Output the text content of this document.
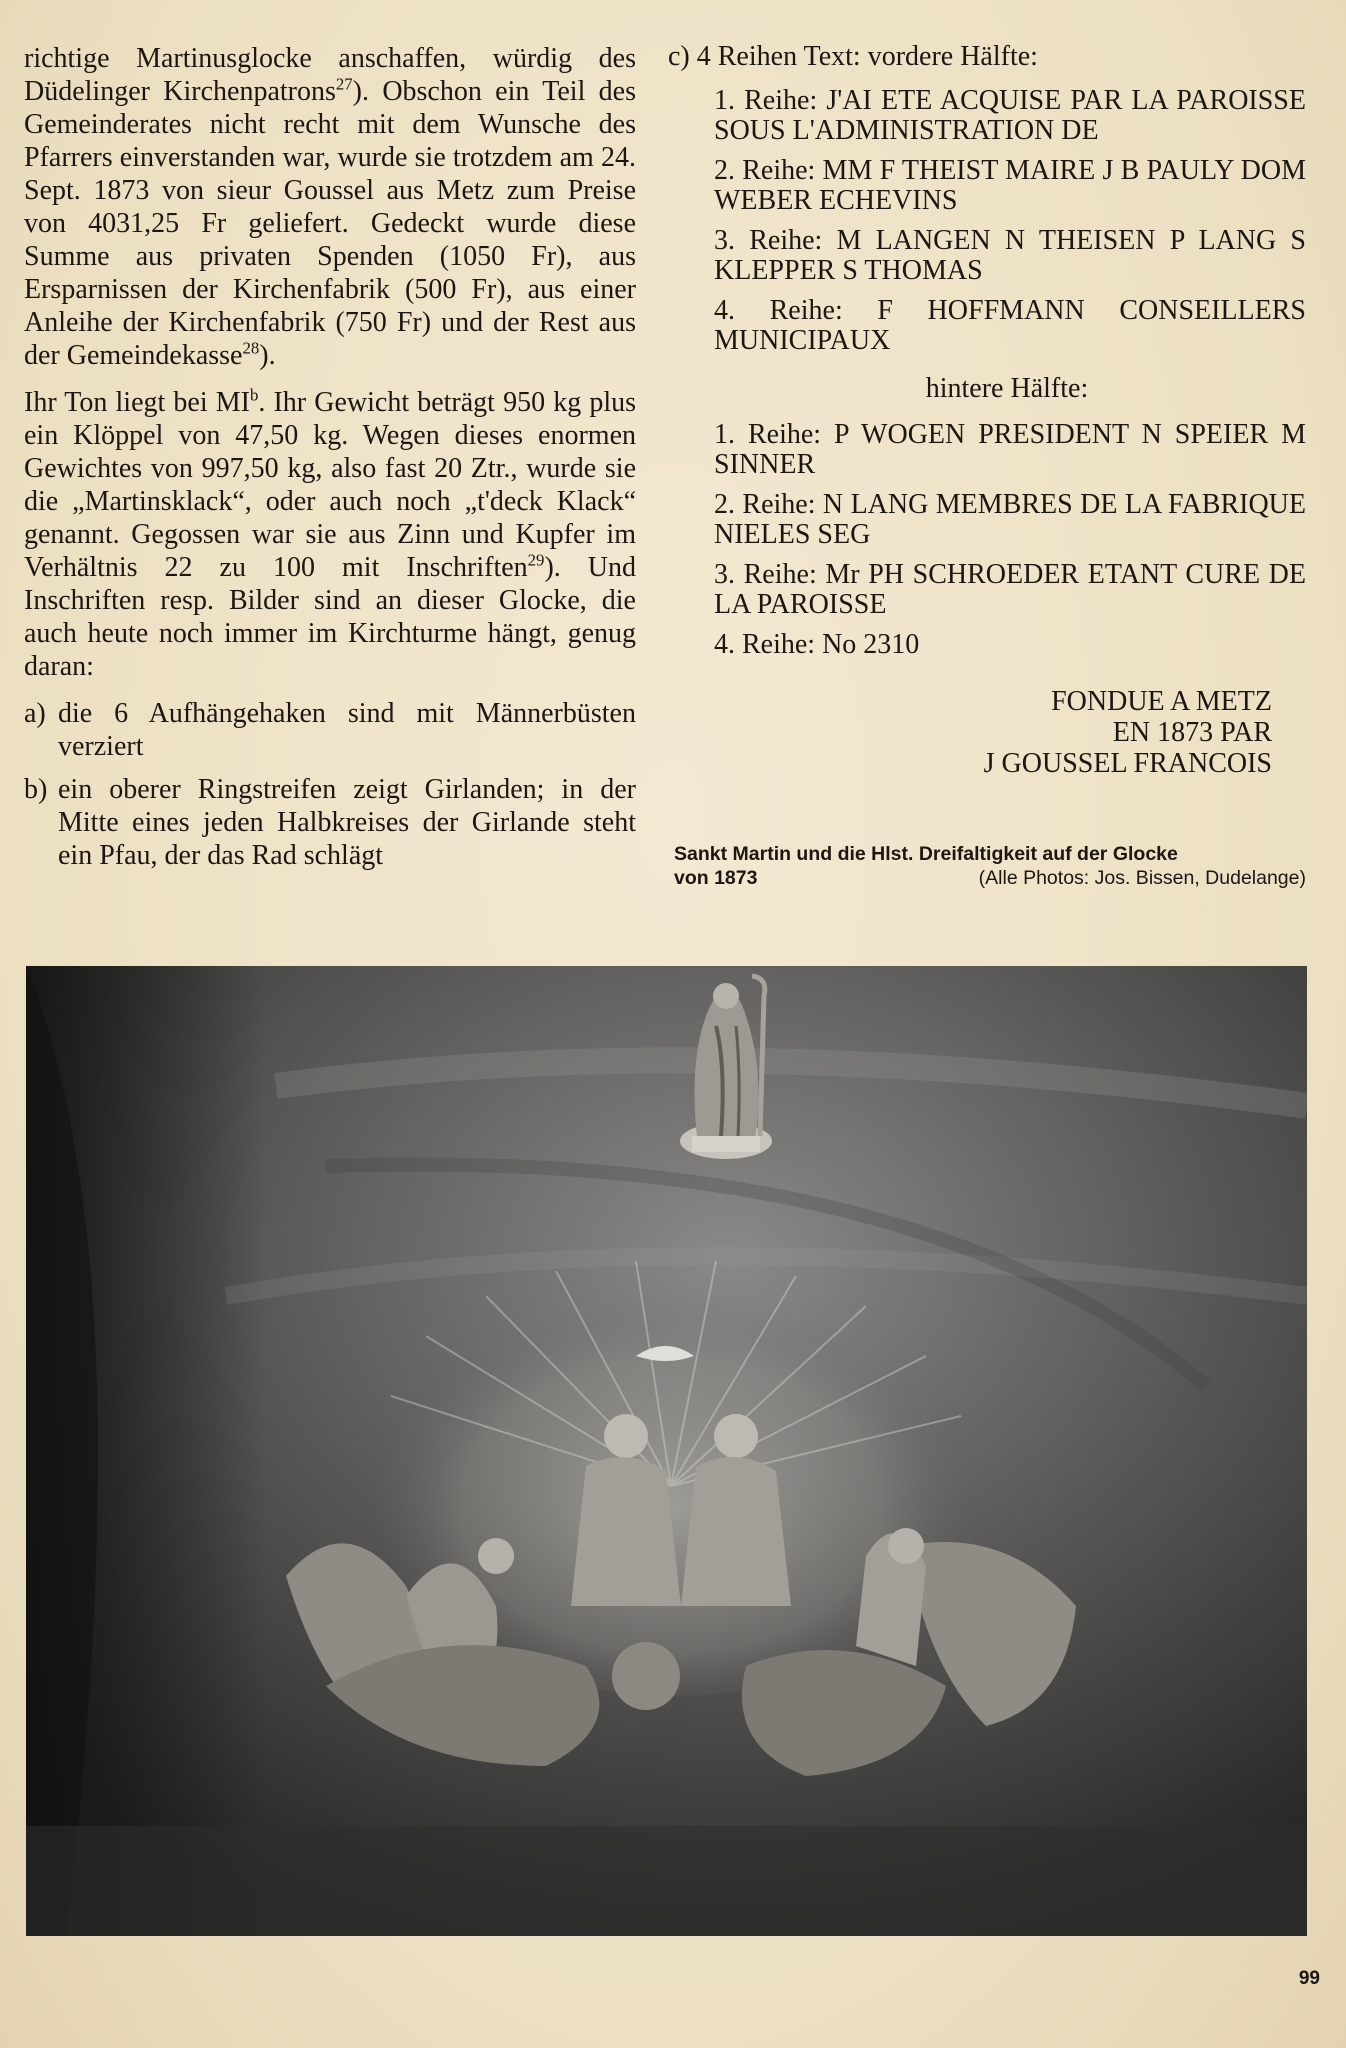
richtige Martinusglocke anschaffen, würdig des Düdelinger Kirchenpatrons$^{27}$). Obschon ein Teil des Gemeinderates nicht recht mit dem Wunsche des Pfarrers einverstanden war, wurde sie trotzdem am 24. Sept. 1873 von sieur Goussel aus Metz zum Preise von 4031,25 Fr geliefert. Gedeckt wurde diese Summe aus privaten Spenden (1050 Fr), aus Ersparnissen der Kirchenfabrik (500 Fr), aus einer Anleihe der Kirchenfabrik (750 Fr) und der Rest aus der Gemeindekasse$^{28}$).

Ihr Ton liegt bei $MI^b$. Ihr Gewicht beträgt 950 kg plus ein Klöppel von 47,50 kg. Wegen dieses enormen Gewichtes von 997,50 kg, also fast 20 Ztr., wurde sie die „Martinsklack“, oder auch noch „t'deck Klack“ genannt. Gegossen war sie aus Zinn und Kupfer im Verhältnis 22 zu 100 mit Inschriften$^{29}$). Und Inschriften resp. Bilder sind an dieser Glocke, die auch heute noch immer im Kirchturme hängt, genug daran:

a) die 6 Aufhängehaken sind mit Männerbüsten verziert
b) ein oberer Ringstreifen zeigt Girlanden; in der Mitte eines jeden Halbkreises der Girlande steht ein Pfau, der das Rad schlägt
c) 4 Reihen Text: vordere Hälfte:
1. Reihe: J'AI ETE ACQUISE PAR LA PAROISSE SOUS L'ADMINISTRATION DE
2. Reihe: MM F THEIST MAIRE J B PAULY DOM WEBER ECHEVINS
3. Reihe: M LANGEN N THEISEN P LANG S KLEPPER S THOMAS
4. Reihe: F HOFFMANN CONSEILLERS MUNICIPAUX
hintere Hälfte:
1. Reihe: P WOGEN PRESIDENT N SPEIER M SINNER
2. Reihe: N LANG MEMBRES DE LA FABRIQUE NIELES SEG
3. Reihe: Mr PH SCHROEDER ETANT CURE DE LA PAROISSE
4. Reihe: No 2310
FONDUE A METZ
EN 1873 PAR
J GOUSSEL FRANCOIS
Sankt Martin und die Hlst. Dreifaltigkeit auf der Glocke
von 1873	(Alle Photos: Jos. Bissen, Dudelange)
99
